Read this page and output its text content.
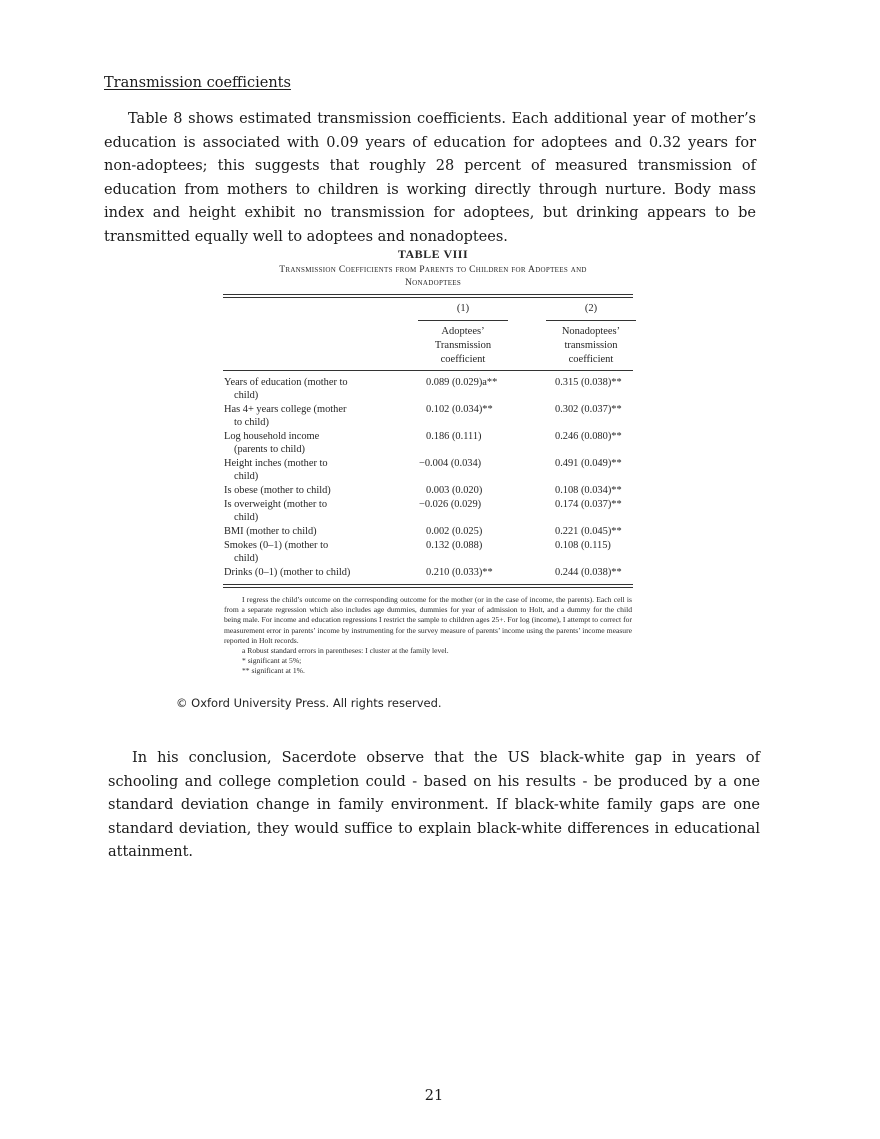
Transmission coefficients

Table 8 shows estimated transmission coefficients. Each additional year of mother’s education is associated with 0.09 years of education for adoptees and 0.32 years for non-adoptees; this suggests that roughly 28 percent of measured transmission of education from mothers to children is working directly through nurture. Body mass index and height exhibit no transmission for adoptees, but drinking appears to be transmitted equally well to adoptees and nonadoptees.

TABLE VIII
Transmission Coefficients from Parents to Children for Adoptees and Nonadoptees
(1)	(2)
Adoptees’
Transmission
coefficient
Nonadoptees’
transmission
coefficient
Years of education (mother to
child)
0.089 (0.029)a**	0.315 (0.038)**
Has 4+ years college (mother
to child)
0.102 (0.034)**	0.302 (0.037)**
Log household income
(parents to child)
0.186 (0.111)	0.246 (0.080)**
Height inches (mother to
child)
−0.004 (0.034)	0.491 (0.049)**
Is obese (mother to child)	0.003 (0.020)	0.108 (0.034)**
Is overweight (mother to
child)
−0.026 (0.029)	0.174 (0.037)**
BMI (mother to child)	0.002 (0.025)	0.221 (0.045)**
Smokes (0–1) (mother to
child)
0.132 (0.088)	0.108 (0.115)
Drinks (0–1) (mother to child)	0.210 (0.033)**	0.244 (0.038)**

I regress the child’s outcome on the corresponding outcome for the mother (or in the case of income, the parents). Each cell is from a separate regression which also includes age dummies, dummies for year of admission to Holt, and a dummy for the child being male. For income and education regressions I restrict the sample to children ages 25+. For log (income), I attempt to correct for measurement error in parents’ income by instrumenting for the survey measure of parents’ income using the parents’ income measure reported in Holt records.

a Robust standard errors in parentheses: I cluster at the family level.

* significant at 5%;

** significant at 1%.

© Oxford University Press. All rights reserved.

In his conclusion, Sacerdote observe that the US black-white gap in years of schooling and college completion could - based on his results - be produced by a one standard deviation change in family environment. If black-white family gaps are one standard deviation, they would suffice to explain black-white differences in educational attainment.

21
